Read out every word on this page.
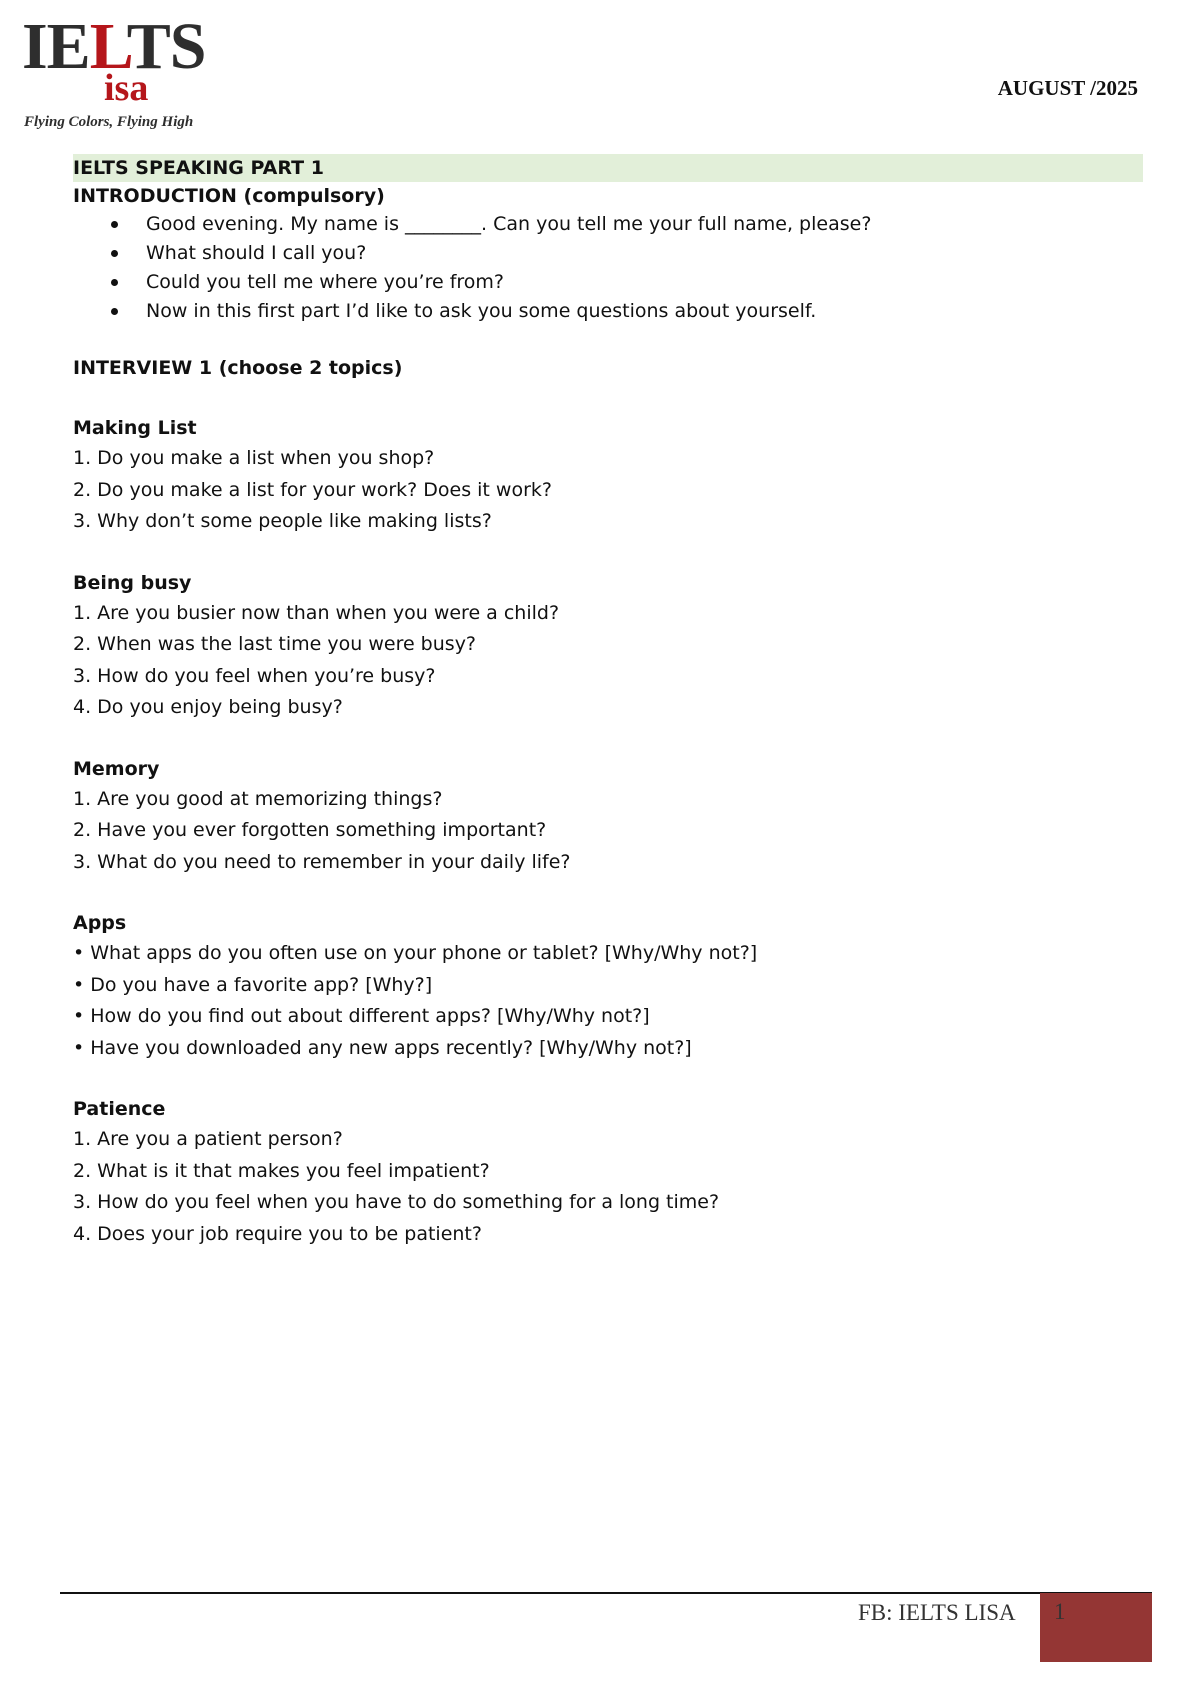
IELTS
isa
Flying Colors, Flying High
AUGUST /2025
IELTS SPEAKING PART 1
INTRODUCTION (compulsory)
Good evening. My name is ________. Can you tell me your full name, please?
What should I call you?
Could you tell me where you’re from?
Now in this first part I’d like to ask you some questions about yourself.
INTERVIEW 1 (choose 2 topics)
Making List
1. Do you make a list when you shop?
2. Do you make a list for your work? Does it work?
3. Why don’t some people like making lists?
Being busy
1. Are you busier now than when you were a child?
2. When was the last time you were busy?
3. How do you feel when you’re busy?
4. Do you enjoy being busy?
Memory
1. Are you good at memorizing things?
2. Have you ever forgotten something important?
3. What do you need to remember in your daily life?
Apps
• What apps do you often use on your phone or tablet? [Why/Why not?]
• Do you have a favorite app? [Why?]
• How do you find out about different apps? [Why/Why not?]
• Have you downloaded any new apps recently? [Why/Why not?]
Patience
1. Are you a patient person?
2. What is it that makes you feel impatient?
3. How do you feel when you have to do something for a long time?
4. Does your job require you to be patient?
FB: IELTS LISA 1
